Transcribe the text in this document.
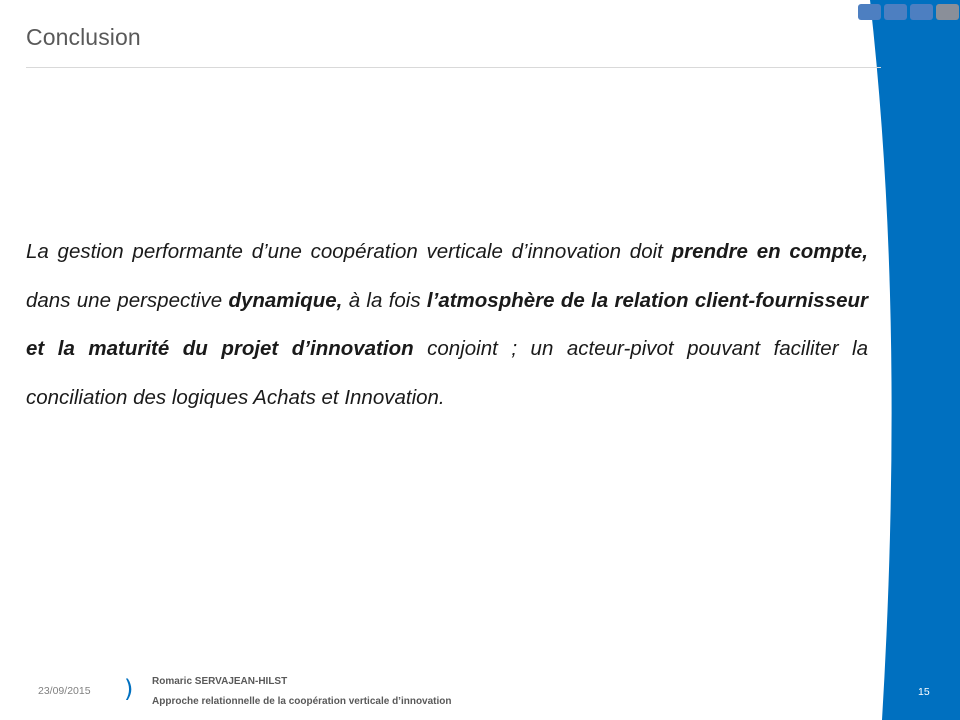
Conclusion
La gestion performante d’une coopération verticale d’innovation doit prendre en compte, dans une perspective dynamique, à la fois l’atmosphère de la relation client-fournisseur et la maturité du projet d’innovation conjoint ; un acteur-pivot pouvant faciliter la conciliation des logiques Achats et Innovation.
23/09/2015 ) Romaric SERVAJEAN-HILST
Approche relationnelle de la coopération verticale d’innovation
15
